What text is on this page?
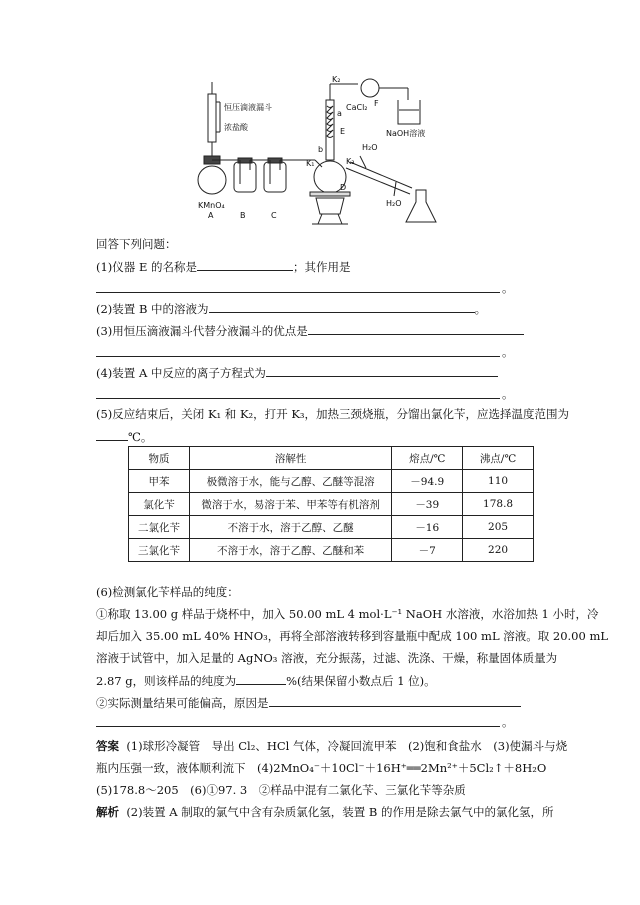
恒压滴液漏斗
浓盐酸
KMnO₄
A	B	C
K₂
CaCl₂ F
NaOH溶液
a
E
b
K₁	K₃
D
H₂O
H₂O
回答下列问题：
(1)仪器 E 的名称是	；其作用是
。
(2)装置 B 中的溶液为	。
(3)用恒压滴液漏斗代替分液漏斗的优点是
。
(4)装置 A 中反应的离子方程式为
。
(5)反应结束后，关闭 K₁ 和 K₂，打开 K₃，加热三颈烧瓶，分馏出氯化苄，应选择温度范围为
℃。
物质	溶解性	熔点/℃	沸点/℃
甲苯	极微溶于水，能与乙醇、乙醚等混溶	－94.9	110
氯化苄	微溶于水，易溶于苯、甲苯等有机溶剂	－39	178.8
二氯化苄	不溶于水，溶于乙醇、乙醚	－16	205
三氯化苄	不溶于水，溶于乙醇、乙醚和苯	－7	220
(6)检测氯化苄样品的纯度：
①称取 13.00 g 样品于烧杯中，加入 50.00 mL 4 mol·L⁻¹ NaOH 水溶液，水浴加热 1 小时，冷
却后加入 35.00 mL 40% HNO₃，再将全部溶液转移到容量瓶中配成 100 mL 溶液。取 20.00 mL
溶液于试管中，加入足量的 AgNO₃ 溶液，充分振荡，过滤、洗涤、干燥，称量固体质量为
2.87 g，则该样品的纯度为	%(结果保留小数点后 1 位)。
②实际测量结果可能偏高，原因是
。
答案 (1)球形冷凝管　导出 Cl₂、HCl 气体，冷凝回流甲苯　(2)饱和食盐水　(3)使漏斗与烧
瓶内压强一致，液体顺利流下　(4)2MnO₄⁻＋10Cl⁻＋16H⁺══2Mn²⁺＋5Cl₂↑＋8H₂O
(5)178.8～205　(6)①97. 3　②样品中混有二氯化苄、三氯化苄等杂质
解析 (2)装置 A 制取的氯气中含有杂质氯化氢，装置 B 的作用是除去氯气中的氯化氢，所
